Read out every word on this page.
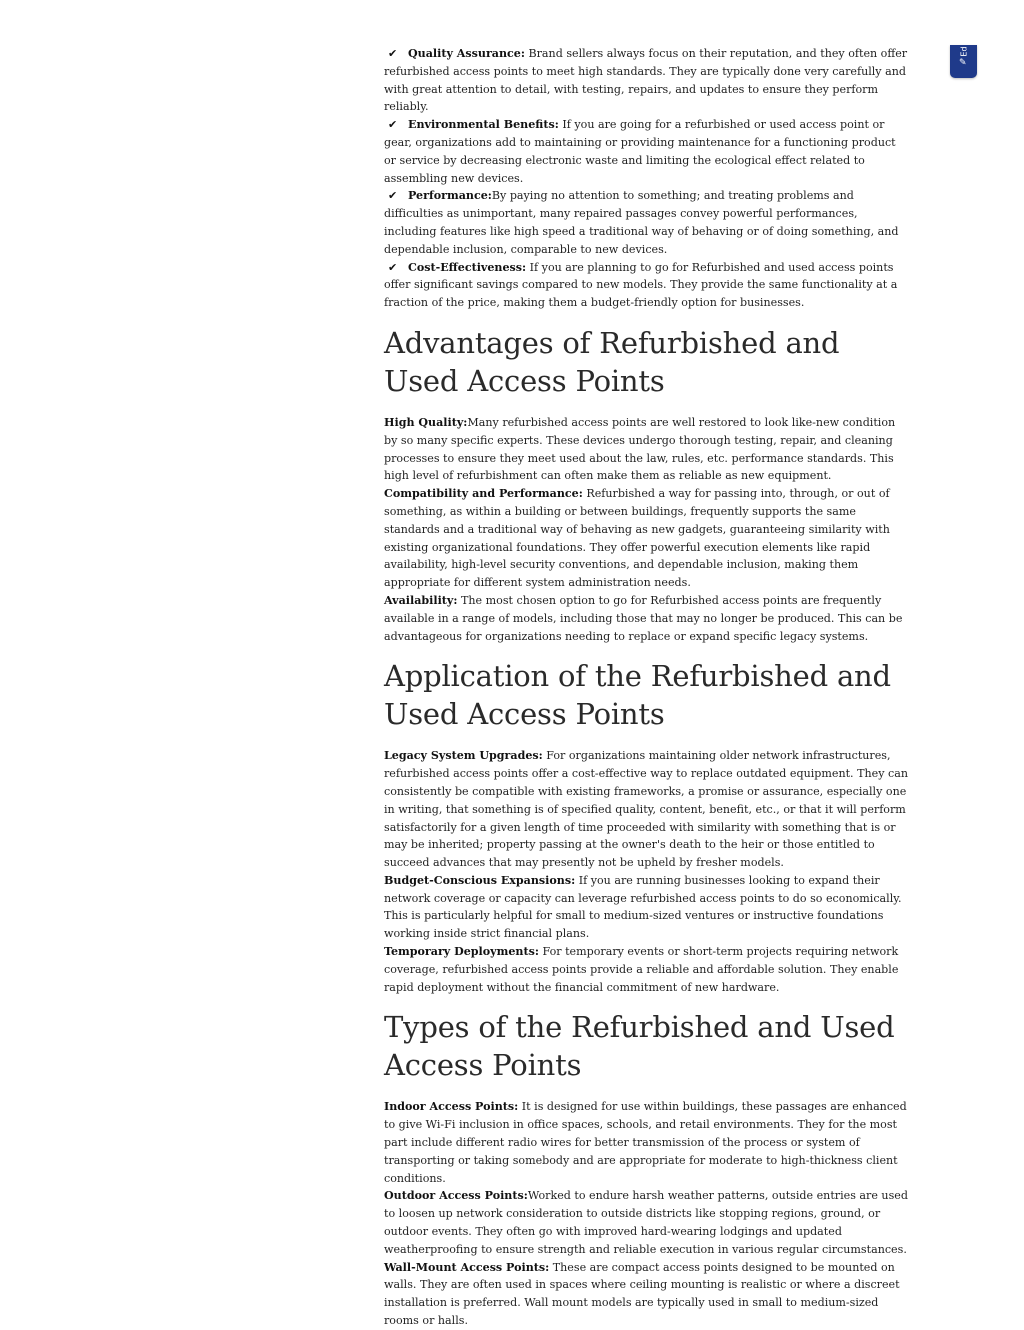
Ed
✎
✔ Quality Assurance: Brand sellers always focus on their reputation, and they often offer refurbished access points to meet high standards. They are typically done very carefully and with great attention to detail, with testing, repairs, and updates to ensure they perform reliably.
✔ Environmental Benefits: If you are going for a refurbished or used access point or gear, organizations add to maintaining or providing maintenance for a functioning product or service by decreasing electronic waste and limiting the ecological effect related to assembling new devices.
✔ Performance:By paying no attention to something; and treating problems and difficulties as unimportant, many repaired passages convey powerful performances, including features like high speed a traditional way of behaving or of doing something, and dependable inclusion, comparable to new devices.
✔ Cost-Effectiveness: If you are planning to go for Refurbished and used access points offer significant savings compared to new models. They provide the same functionality at a fraction of the price, making them a budget-friendly option for businesses.
Advantages of Refurbished and Used Access Points

High Quality:Many refurbished access points are well restored to look like-new condition by so many specific experts. These devices undergo thorough testing, repair, and cleaning processes to ensure they meet used about the law, rules, etc. performance standards. This high level of refurbishment can often make them as reliable as new equipment.

Compatibility and Performance: Refurbished a way for passing into, through, or out of something, as within a building or between buildings, frequently supports the same standards and a traditional way of behaving as new gadgets, guaranteeing similarity with existing organizational foundations. They offer powerful execution elements like rapid availability, high-level security conventions, and dependable inclusion, making them appropriate for different system administration needs.

Availability: The most chosen option to go for Refurbished access points are frequently available in a range of models, including those that may no longer be produced. This can be advantageous for organizations needing to replace or expand specific legacy systems.

Application of the Refurbished and Used Access Points

Legacy System Upgrades: For organizations maintaining older network infrastructures, refurbished access points offer a cost-effective way to replace outdated equipment. They can consistently be compatible with existing frameworks, a promise or assurance, especially one in writing, that something is of specified quality, content, benefit, etc., or that it will perform satisfactorily for a given length of time proceeded with similarity with something that is or may be inherited; property passing at the owner's death to the heir or those entitled to succeed advances that may presently not be upheld by fresher models.

Budget-Conscious Expansions: If you are running businesses looking to expand their network coverage or capacity can leverage refurbished access points to do so economically. This is particularly helpful for small to medium-sized ventures or instructive foundations working inside strict financial plans.

Temporary Deployments: For temporary events or short-term projects requiring network coverage, refurbished access points provide a reliable and affordable solution. They enable rapid deployment without the financial commitment of new hardware.

Types of the Refurbished and Used Access Points

Indoor Access Points: It is designed for use within buildings, these passages are enhanced to give Wi-Fi inclusion in office spaces, schools, and retail environments. They for the most part include different radio wires for better transmission of the process or system of transporting or taking somebody and are appropriate for moderate to high-thickness client conditions.

Outdoor Access Points:Worked to endure harsh weather patterns, outside entries are used to loosen up network consideration to outside districts like stopping regions, ground, or outdoor events. They often go with improved hard-wearing lodgings and updated weatherproofing to ensure strength and reliable execution in various regular circumstances.

Wall-Mount Access Points: These are compact access points designed to be mounted on walls. They are often used in spaces where ceiling mounting is realistic or where a discreet installation is preferred. Wall mount models are typically used in small to medium-sized rooms or halls.
